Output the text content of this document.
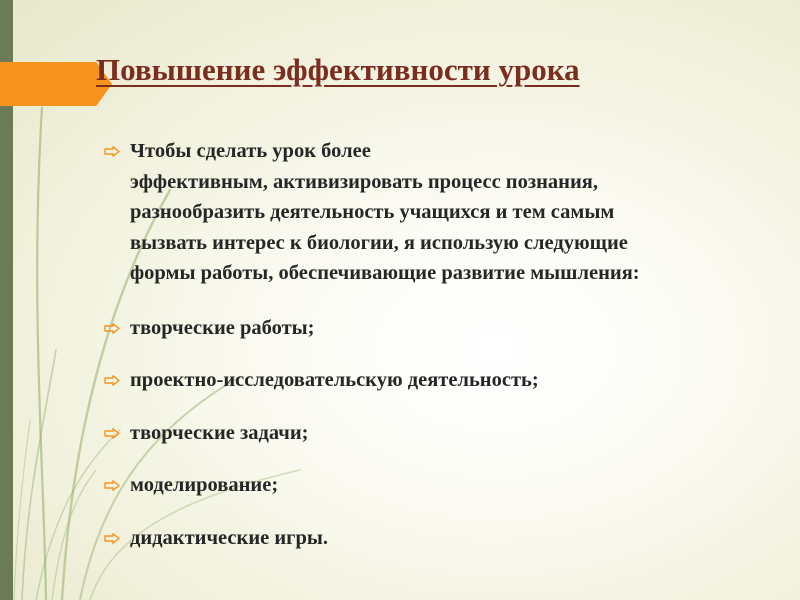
Повышение эффективности урока
Чтобы сделать урок более
эффективным, активизировать процесс познания,
разнообразить деятельность учащихся и тем самым
вызвать интерес к биологии, я использую следующие
формы работы, обеспечивающие развитие мышления:
творческие работы;
проектно-исследовательскую деятельность;
творческие задачи;
моделирование;
дидактические игры.
